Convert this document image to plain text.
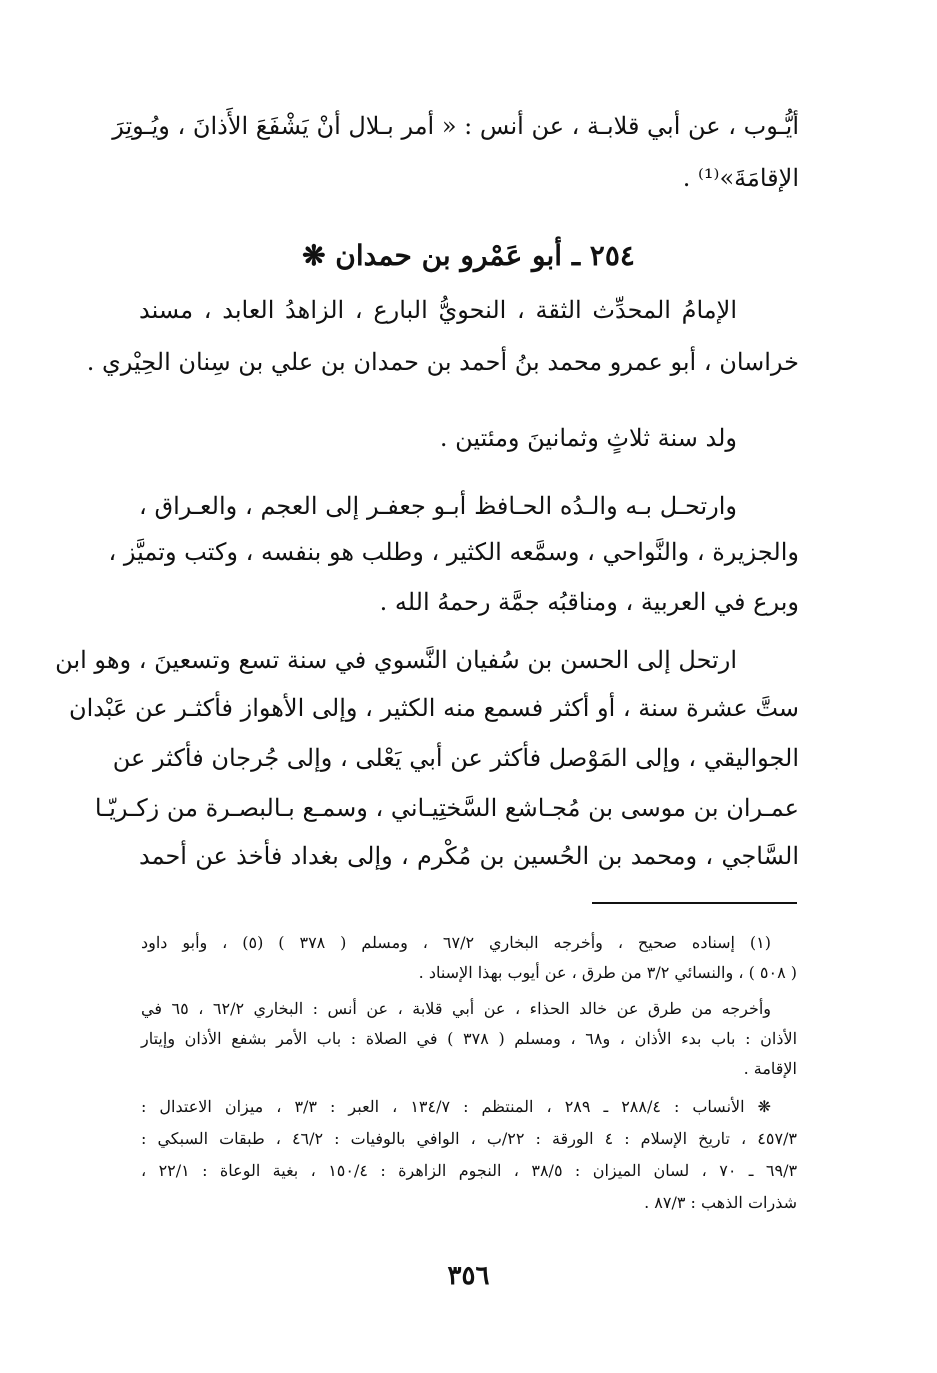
أيُّـوب ، عن أبي قلابـة ، عن أنس : « أمر بـلال أنْ يَشْفَعَ الأَذانَ ، ويُـوتِرَ
الإقامَةَ»⁽¹⁾ .
٢٥٤ ـ أبو عَمْرو بن حمدان ❋
الإمامُ المحدِّث الثقة ، النحويُّ البارع ، الزاهدُ العابد ، مسند
خراسان ، أبو عمرو محمد بنُ أحمد بن حمدان بن علي بن سِنان الحِيْري .
ولد سنة ثلاثٍ وثمانينَ ومئتين .
وارتحـل بـه والـدُه الحـافظ أبـو جعفـر إلى العجم ، والعـراق ،
والجزيرة ، والنَّواحي ، وسمَّعه الكثير ، وطلب هو بنفسه ، وكتب وتميَّز ،
وبرع في العربية ، ومناقبُه جمَّة رحمهُ الله .
ارتحل إلى الحسن بن سُفيان النَّسوي في سنة تسع وتسعينَ ، وهو ابن
ستَّ عشرة سنة ، أو أكثر فسمع منه الكثير ، وإلى الأهواز فأكثـر عن عَبْدان
الجواليقي ، وإلى المَوْصل فأكثر عن أبي يَعْلى ، وإلى جُرجان فأكثر عن
عمـران بن موسى بن مُجـاشع السَّختِيـاني ، وسمـع بـالبصـرة من زكـريّـا
السَّاجي ، ومحمد بن الحُسين بن مُكْرم ، وإلى بغداد فأخذ عن أحمد
(١) إسناده صحيح ، وأخرجه البخاري ٦٧/٢ ، ومسلم ( ٣٧٨ ) (٥) ، وأبو داود
( ٥٠٨ ) ، والنسائي ٣/٢ من طرق ، عن أيوب بهذا الإسناد .
وأخرجه من طرق عن خالد الحذاء ، عن أبي قلابة ، عن أنس : البخاري ٦٢/٢ ، ٦٥ في
الأذان : باب بدء الأذان ، و٦٨ ، ومسلم ( ٣٧٨ ) في الصلاة : باب الأمر بشفع الأذان وإيتار
الإقامة .
❋ الأنساب : ٢٨٨/٤ ـ ٢٨٩ ، المنتظم : ١٣٤/٧ ، العبر : ٣/٣ ، ميزان الاعتدال :
٤٥٧/٣ ، تاريخ الإسلام : ٤ الورقة : ٢٢/ب ، الوافي بالوفيات : ٤٦/٢ ، طبقات السبكي :
٦٩/٣ ـ ٧٠ ، لسان الميزان : ٣٨/٥ ، النجوم الزاهرة : ١٥٠/٤ ، بغية الوعاة : ٢٢/١ ،
شذرات الذهب : ٨٧/٣ .
٣٥٦
